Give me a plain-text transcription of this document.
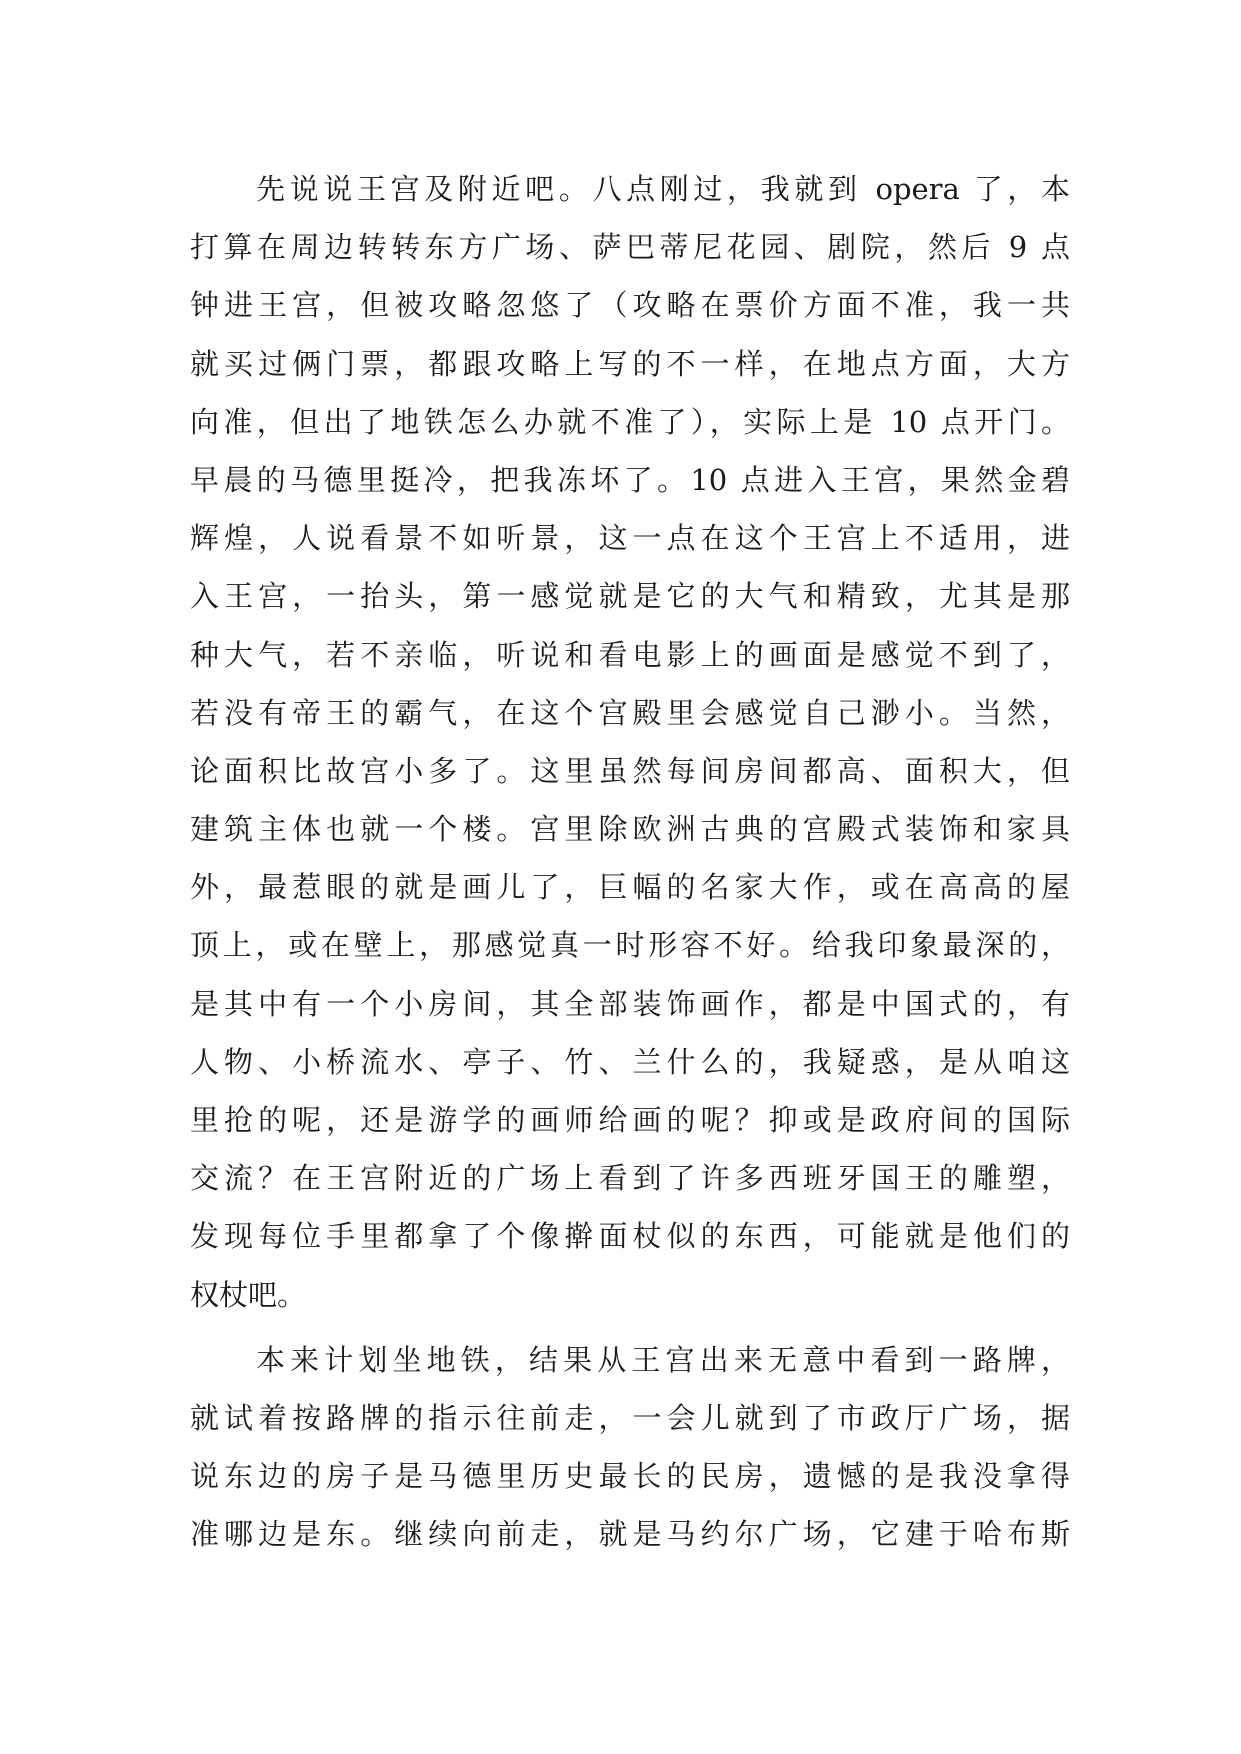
先说说王宫及附近吧。八点刚过，我就到 opera 了，本
打算在周边转转东方广场、萨巴蒂尼花园、剧院，然后 9 点
钟进王宫，但被攻略忽悠了（攻略在票价方面不准，我一共
就买过俩门票，都跟攻略上写的不一样，在地点方面，大方
向准，但出了地铁怎么办就不准了），实际上是 10 点开门。
早晨的马德里挺冷，把我冻坏了。10 点进入王宫，果然金碧
辉煌，人说看景不如听景，这一点在这个王宫上不适用，进
入王宫，一抬头，第一感觉就是它的大气和精致，尤其是那
种大气，若不亲临，听说和看电影上的画面是感觉不到了，
若没有帝王的霸气，在这个宫殿里会感觉自己渺小。当然，
论面积比故宫小多了。这里虽然每间房间都高、面积大，但
建筑主体也就一个楼。宫里除欧洲古典的宫殿式装饰和家具
外，最惹眼的就是画儿了，巨幅的名家大作，或在高高的屋
顶上，或在壁上，那感觉真一时形容不好。给我印象最深的，
是其中有一个小房间，其全部装饰画作，都是中国式的，有
人物、小桥流水、亭子、竹、兰什么的，我疑惑，是从咱这
里抢的呢，还是游学的画师给画的呢？抑或是政府间的国际
交流？在王宫附近的广场上看到了许多西班牙国王的雕塑，
发现每位手里都拿了个像擀面杖似的东西，可能就是他们的
权杖吧。
本来计划坐地铁，结果从王宫出来无意中看到一路牌，
就试着按路牌的指示往前走，一会儿就到了市政厅广场，据
说东边的房子是马德里历史最长的民房，遗憾的是我没拿得
准哪边是东。继续向前走，就是马约尔广场，它建于哈布斯
